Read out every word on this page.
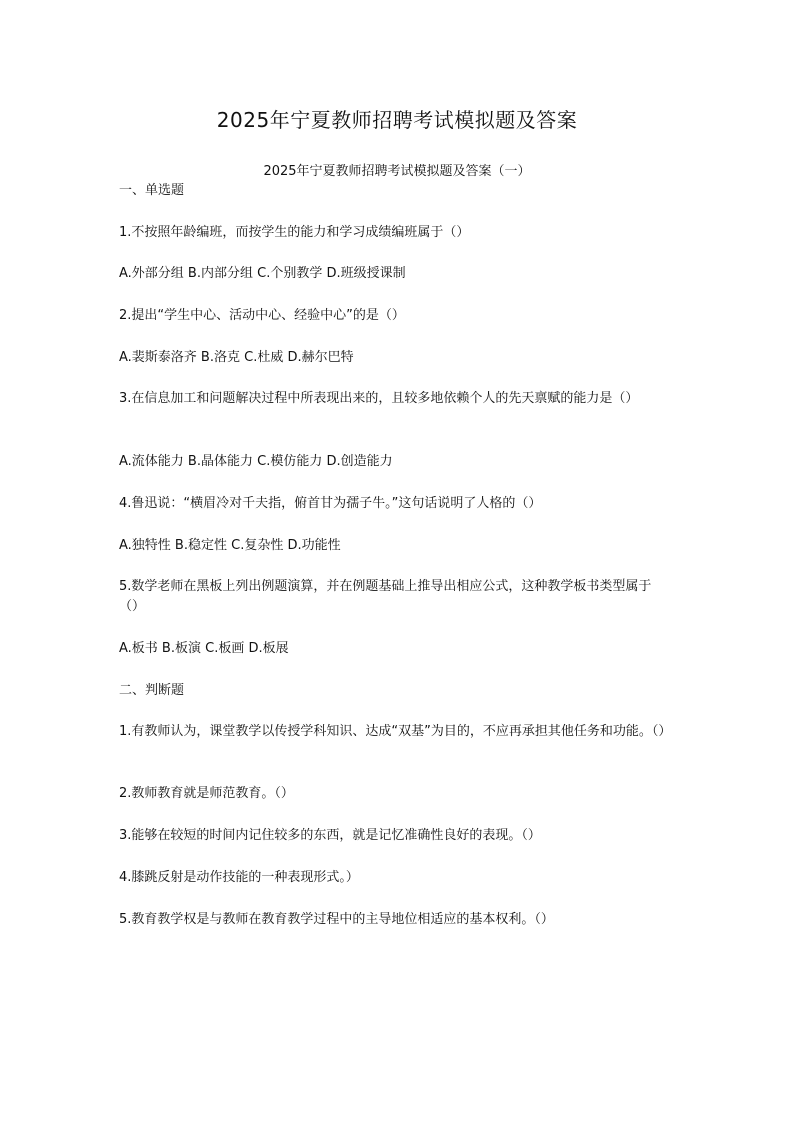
2025年宁夏教师招聘考试模拟题及答案
2025年宁夏教师招聘考试模拟题及答案（一）
一、单选题
1.不按照年龄编班，而按学生的能力和学习成绩编班属于（）
A.外部分组 B.内部分组 C.个别教学 D.班级授课制
2.提出“学生中心、活动中心、经验中心”的是（）
A.裴斯泰洛齐 B.洛克 C.杜威 D.赫尔巴特
3.在信息加工和问题解决过程中所表现出来的，且较多地依赖个人的先天禀赋的能力是（）
A.流体能力 B.晶体能力 C.模仿能力 D.创造能力
4.鲁迅说：“横眉冷对千夫指，俯首甘为孺子牛。”这句话说明了人格的（）
A.独特性 B.稳定性 C.复杂性 D.功能性
5.数学老师在黑板上列出例题演算，并在例题基础上推导出相应公式，这种教学板书类型属于（）
A.板书 B.板演 C.板画 D.板展
二、判断题
1.有教师认为，课堂教学以传授学科知识、达成“双基”为目的，不应再承担其他任务和功能。（）
2.教师教育就是师范教育。（）
3.能够在较短的时间内记住较多的东西，就是记忆准确性良好的表现。（）
4.膝跳反射是动作技能的一种表现形式。）
5.教育教学权是与教师在教育教学过程中的主导地位相适应的基本权利。（）
